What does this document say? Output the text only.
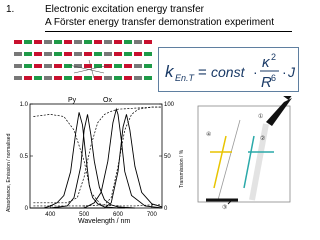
1.	Electronic excitation energy transfer
A Förster energy transfer demonstration experiment
k En.T = const ·
κ 2
R 6 · J
1.0
0.5
0
100
50
0
400	500	600	700
Py	Ox
Wavelength / nm
Absorbance, Emission / normalised	Transmission / %
①
②
③
④
